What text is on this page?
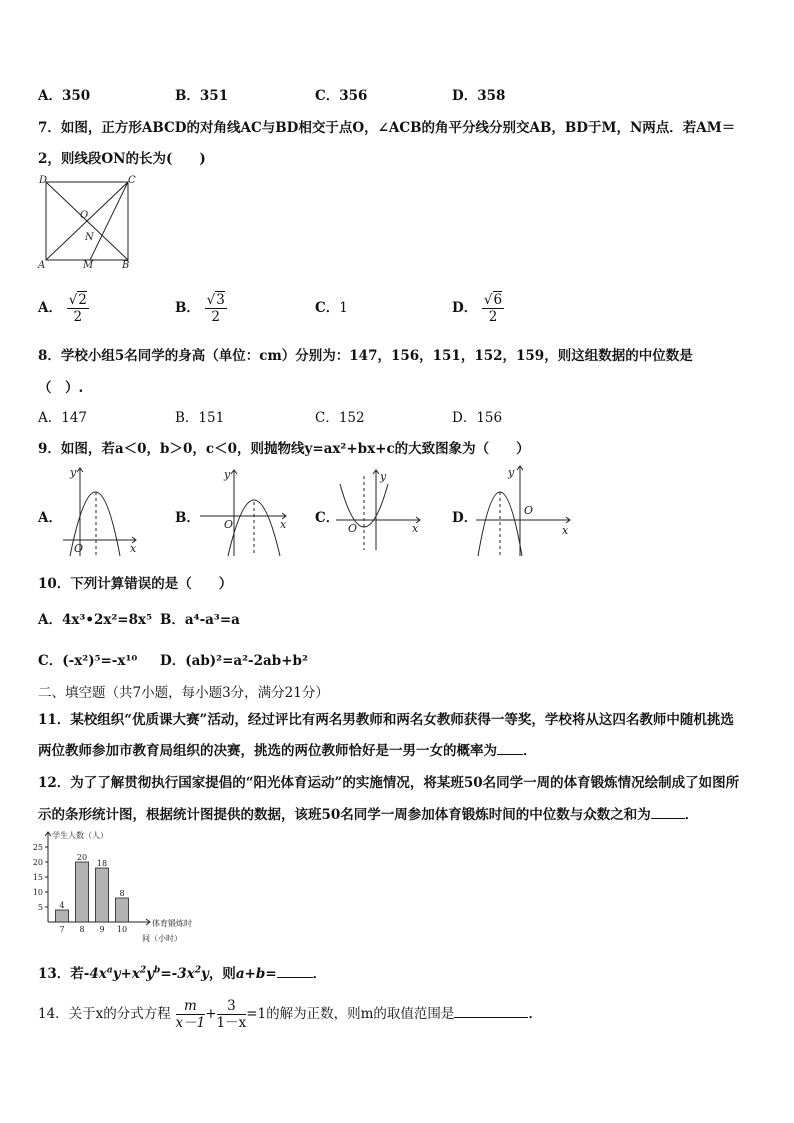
A．350	B．351	C．356	D．358
7．如图，正方形ABCD的对角线AC与BD相交于点O，∠ACB的角平分线分别交AB，BD于M，N两点．若AM＝
2，则线段ON的长为(　　)
D	C
O
N
A	M	B
A． $\frac{√2}{2}$	B． $\frac{√3}{2}$	C．1	D． $\frac{√6}{2}$
8．学校小组5名同学的身高（单位：cm）分别为：147，156，151，152，159，则这组数据的中位数是
（　）.
A．147	B．151	C．152	D．156
9．如图，若a＜0，b＞0，c＜0，则抛物线y=ax²+bx+c的大致图象为（　　）
A．
y
O	x
B．
y
O	x C．
y
O	x
D．
y
O
x
10．下列计算错误的是（　　）
A．4x³•2x²=8x⁵ B．a⁴-a³=a
C．(-x²)⁵=-x¹⁰ D．(ab)²=a²-2ab+b²
二、填空题（共7小题，每小题3分，满分21分）
11．某校组织“优质课大赛”活动，经过评比有两名男教师和两名女教师获得一等奖，学校将从这四名教师中随机挑选
两位教师参加市教育局组织的决赛，挑选的两位教师恰好是一男一女的概率为 ．
12．为了了解贯彻执行国家提倡的“阳光体育运动”的实施情况，将某班50名同学一周的体育锻炼情况绘制成了如图所
示的条形统计图，根据统计图提供的数据，该班50名同学一周参加体育锻炼时间的中位数与众数之和为	．
学生人数（人）
体育锻炼时
间（小时）
5
10
15
20
25
4
7
20
8
18
9
8
10
13．若$-4x^ay+x^2y^b=-3x^2y$，则a+b=	．
14．关于x的分式方程 $\frac{m}{x-1} + \frac{3}{1-x} =1$的解为正数，则m的取值范围是	．
